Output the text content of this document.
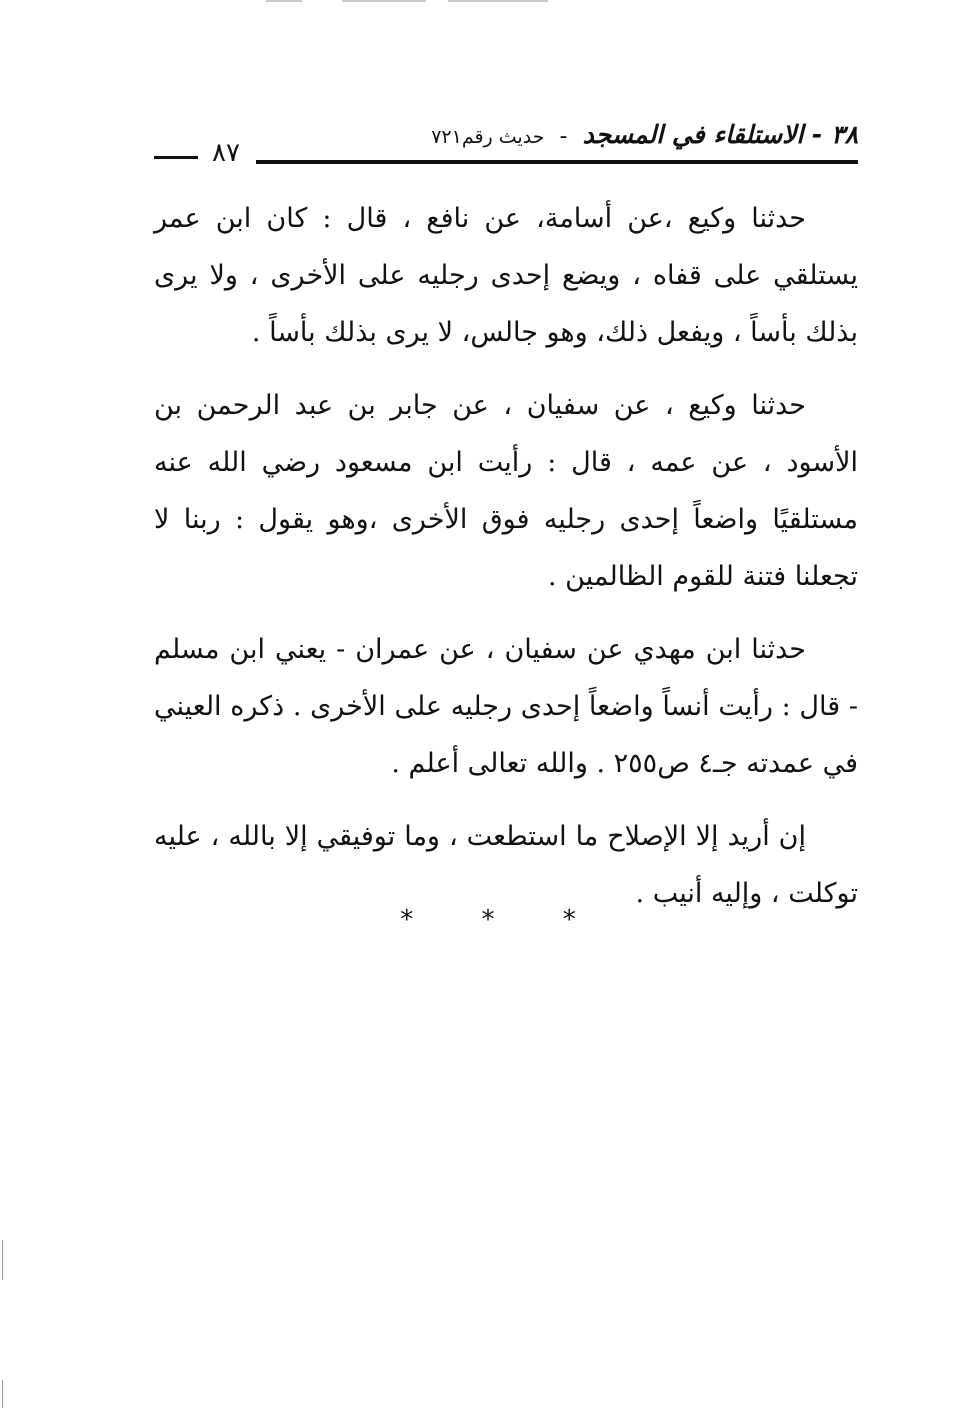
٣٨ - الاستلقاء في المسجد - حديث رقم٧٢١
٨٧

حدثنا وكيع ،عن أسامة، عن نافع ، قال : كان ابن عمر يستلقي على قفاه ، ويضع إحدى رجليه على الأخرى ، ولا يرى بذلك بأساً ، ويفعل ذلك، وهو جالس، لا يرى بذلك بأساً .

حدثنا وكيع ، عن سفيان ، عن جابر بن عبد الرحمن بن الأسود ، عن عمه ، قال : رأيت ابن مسعود رضي الله عنه مستلقيًا واضعاً إحدى رجليه فوق الأخرى ،وهو يقول : ربنا لا تجعلنا فتنة للقوم الظالمين .

حدثنا ابن مهدي عن سفيان ، عن عمران - يعني ابن مسلم - قال : رأيت أنساً واضعاً إحدى رجليه على الأخرى . ذكره العيني في عمدته جـ٤ ص٢٥٥ . والله تعالى أعلم .

إن أريد إلا الإصلاح ما استطعت ، وما توفيقي إلا بالله ، عليه توكلت ، وإليه أنيب .

* * *
